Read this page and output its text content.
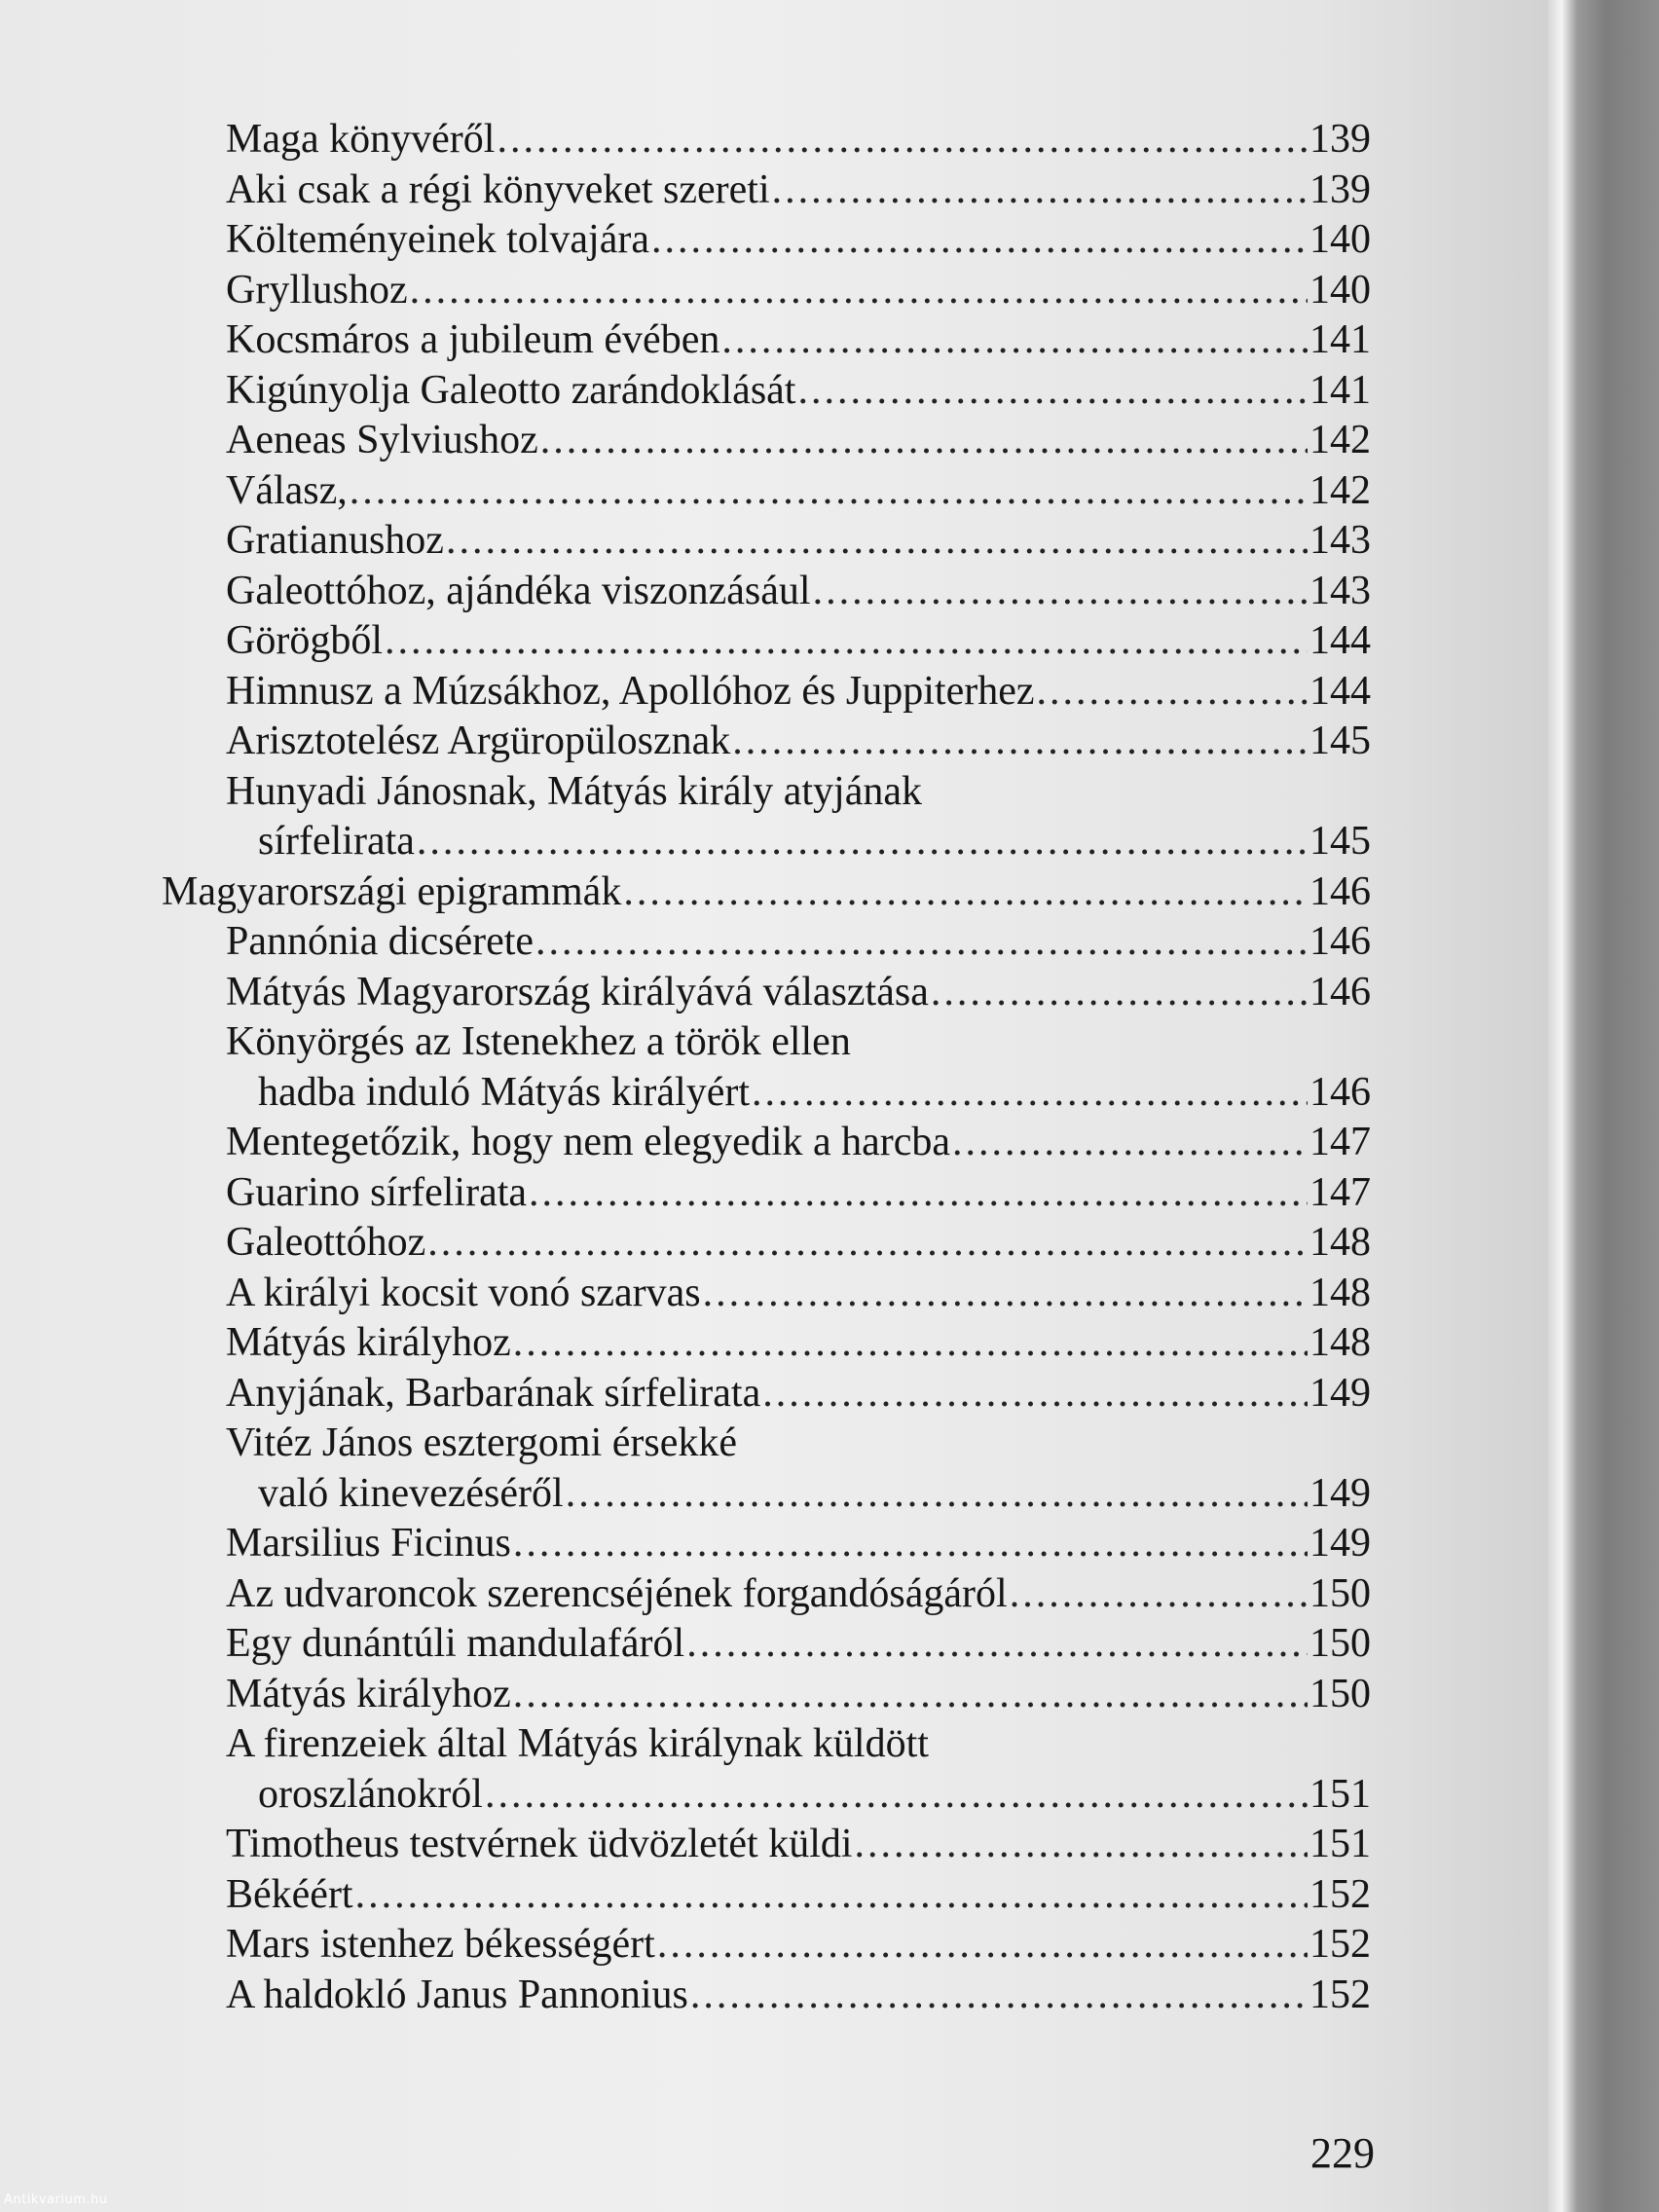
Maga könyvéről .....	139
Aki csak a régi könyveket szereti .....	139
Költeményeinek tolvajára .....	140
Gryllushoz .....	140
Kocsmáros a jubileum évében .....	141
Kigúnyolja Galeotto zarándoklását .....	141
Aeneas Sylviushoz .....	142
Válasz, .....	142
Gratianushoz .....	143
Galeottóhoz, ajándéka viszonzásául .....	143
Görögből .....	144
Himnusz a Múzsákhoz, Apollóhoz és Juppiterhez .....	144
Arisztotelész Argüropülosznak .....	145
Hunyadi Jánosnak, Mátyás király atyjának
sírfelirata .....	145
Magyarországi epigrammák .....	146
Pannónia dicsérete .....	146
Mátyás Magyarország királyává választása .....	146
Könyörgés az Istenekhez a török ellen
hadba induló Mátyás királyért .....	146
Mentegetőzik, hogy nem elegyedik a harcba .....	147
Guarino sírfelirata .....	147
Galeottóhoz .....	148
A királyi kocsit vonó szarvas .....	148
Mátyás királyhoz .....	148
Anyjának, Barbarának sírfelirata .....	149
Vitéz János esztergomi érsekké
való kinevezéséről .....	149
Marsilius Ficinus .....	149
Az udvaroncok szerencséjének forgandóságáról .....	150
Egy dunántúli mandulafáról .....	150
Mátyás királyhoz .....	150
A firenzeiek által Mátyás királynak küldött
oroszlánokról .....	151
Timotheus testvérnek üdvözletét küldi .....	151
Békéért .....	152
Mars istenhez békességért .....	152
A haldokló Janus Pannonius .....	152
229
Antikvarium.hu
